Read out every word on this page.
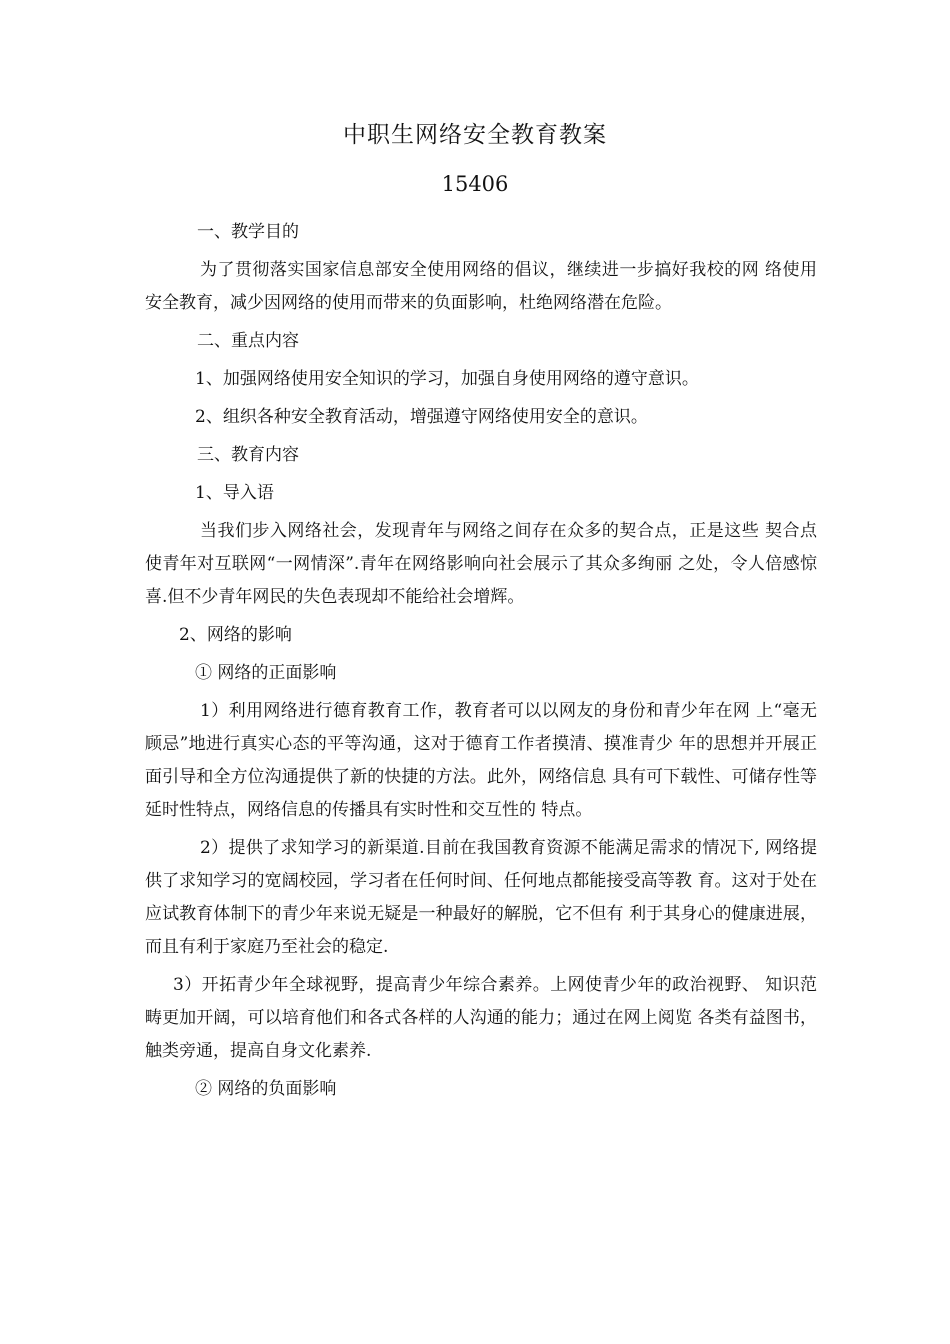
中职生网络安全教育教案
15406

一、教学目的

为了贯彻落实国家信息部安全使用网络的倡议，继续进一步搞好我校的网 络使用安全教育，减少因网络的使用而带来的负面影响，杜绝网络潜在危险。

二、重点内容

1、加强网络使用安全知识的学习，加强自身使用网络的遵守意识。

2、组织各种安全教育活动，增强遵守网络使用安全的意识。

三、教育内容

1、导入语

当我们步入网络社会，发现青年与网络之间存在众多的契合点，正是这些 契合点使青年对互联网“一网情深”.青年在网络影响向社会展示了其众多绚丽 之处，令人倍感惊喜.但不少青年网民的失色表现却不能给社会增辉。

2、网络的影响

① 网络的正面影响

1）利用网络进行德育教育工作，教育者可以以网友的身份和青少年在网 上“毫无顾忌”地进行真实心态的平等沟通，这对于德育工作者摸清、摸准青少 年的思想并开展正面引导和全方位沟通提供了新的快捷的方法。此外，网络信息 具有可下载性、可储存性等延时性特点，网络信息的传播具有实时性和交互性的 特点。

2）提供了求知学习的新渠道.目前在我国教育资源不能满足需求的情况下, 网络提供了求知学习的宽阔校园，学习者在任何时间、任何地点都能接受高等教 育。这对于处在应试教育体制下的青少年来说无疑是一种最好的解脱，它不但有 利于其身心的健康进展，而且有利于家庭乃至社会的稳定.

3）开拓青少年全球视野，提高青少年综合素养。上网使青少年的政治视野、 知识范畴更加开阔，可以培育他们和各式各样的人沟通的能力；通过在网上阅览 各类有益图书，触类旁通，提高自身文化素养.

② 网络的负面影响
